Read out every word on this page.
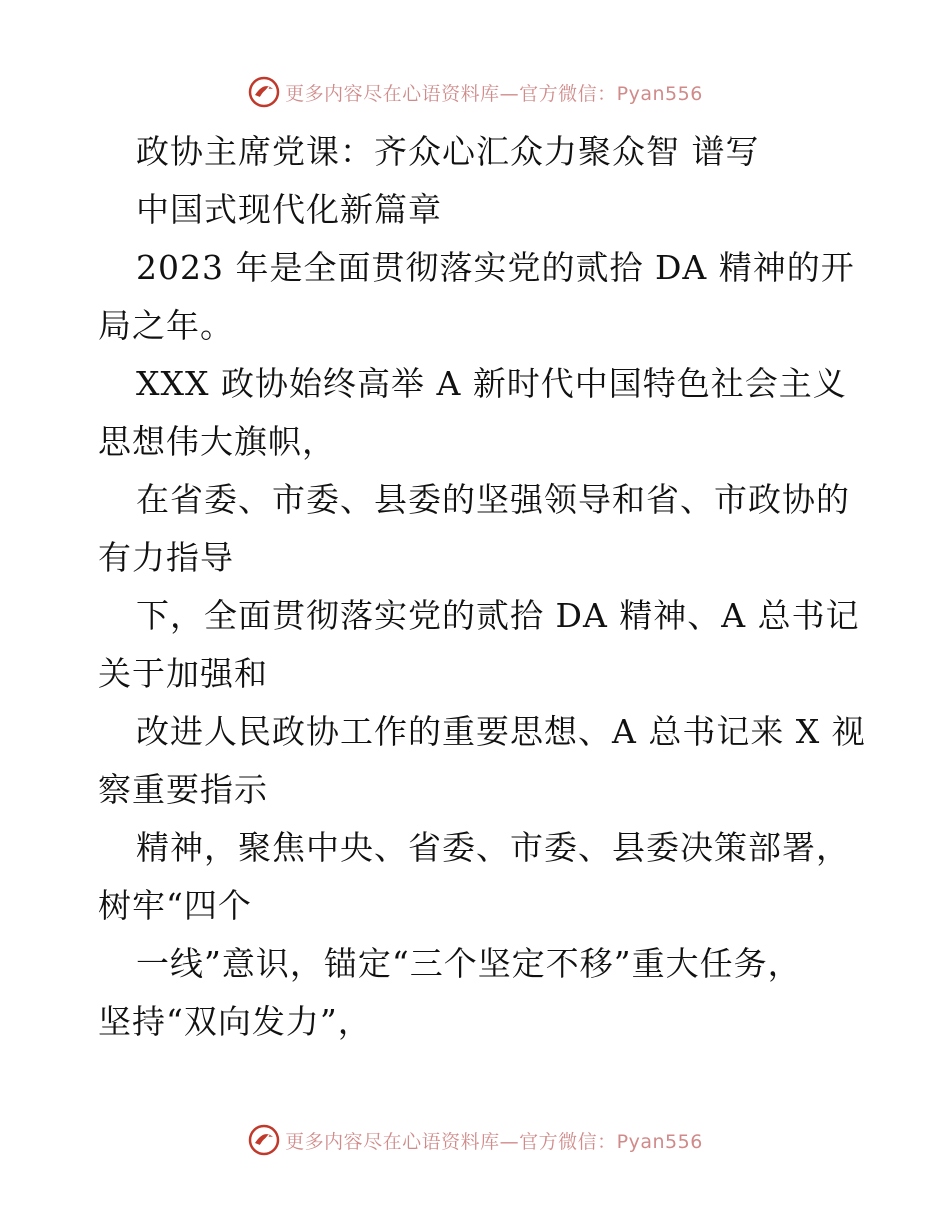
更多内容尽在心语资料库—官方微信：Pyan556
政协主席党课：齐众心汇众力聚众智 谱写
中国式现代化新篇章
2023 年是全面贯彻落实党的贰拾 DA 精神的开
局之年。
XXX 政协始终高举 A 新时代中国特色社会主义
思想伟大旗帜，
在省委、市委、县委的坚强领导和省、市政协的
有力指导
下，全面贯彻落实党的贰拾 DA 精神、A 总书记
关于加强和
改进人民政协工作的重要思想、A 总书记来 X 视
察重要指示
精神，聚焦中央、省委、市委、县委决策部署，
树牢“四个
一线”意识，锚定“三个坚定不移”重大任务，
坚持“双向发力”，
更多内容尽在心语资料库—官方微信：Pyan556
